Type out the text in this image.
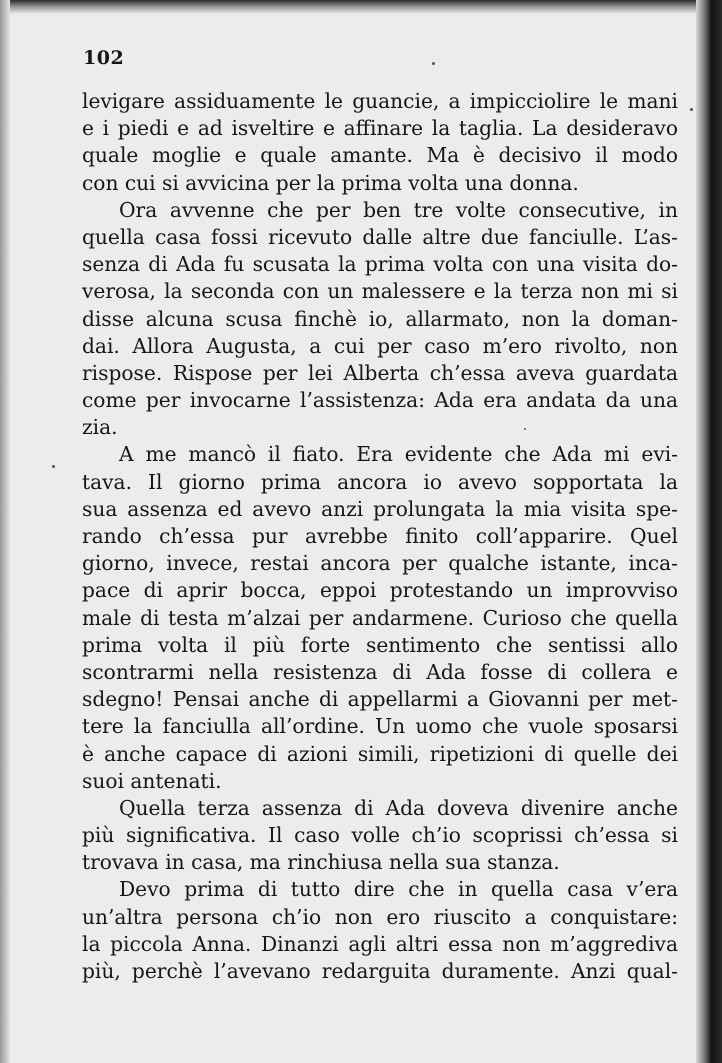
102
levigare assiduamente le guancie, a impicciolire le mani
e i piedi e ad isveltire e affinare la taglia. La desideravo
quale moglie e quale amante. Ma è decisivo il modo
con cui si avvicina per la prima volta una donna.
Ora avvenne che per ben tre volte consecutive, in
quella casa fossi ricevuto dalle altre due fanciulle. L’as-
senza di Ada fu scusata la prima volta con una visita do-
verosa, la seconda con un malessere e la terza non mi si
disse alcuna scusa finchè io, allarmato, non la doman-
dai. Allora Augusta, a cui per caso m’ero rivolto, non
rispose. Rispose per lei Alberta ch’essa aveva guardata
come per invocarne l’assistenza: Ada era andata da una
zia.
A me mancò il fiato. Era evidente che Ada mi evi-
tava. Il giorno prima ancora io avevo sopportata la
sua assenza ed avevo anzi prolungata la mia visita spe-
rando ch’essa pur avrebbe finito coll’apparire. Quel
giorno, invece, restai ancora per qualche istante, inca-
pace di aprir bocca, eppoi protestando un improvviso
male di testa m’alzai per andarmene. Curioso che quella
prima volta il più forte sentimento che sentissi allo
scontrarmi nella resistenza di Ada fosse di collera e
sdegno! Pensai anche di appellarmi a Giovanni per met-
tere la fanciulla all’ordine. Un uomo che vuole sposarsi
è anche capace di azioni simili, ripetizioni di quelle dei
suoi antenati.
Quella terza assenza di Ada doveva divenire anche
più significativa. Il caso volle ch’io scoprissi ch’essa si
trovava in casa, ma rinchiusa nella sua stanza.
Devo prima di tutto dire che in quella casa v’era
un’altra persona ch’io non ero riuscito a conquistare:
la piccola Anna. Dinanzi agli altri essa non m’aggrediva
più, perchè l’avevano redarguita duramente. Anzi qual-
